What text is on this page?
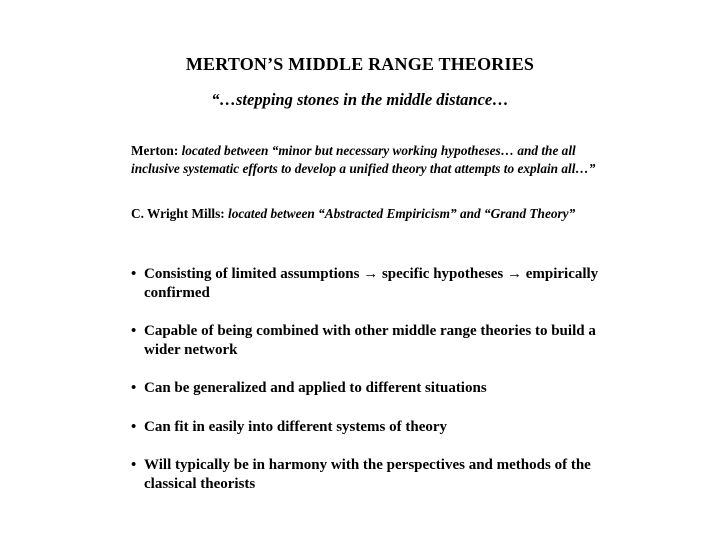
MERTON’S MIDDLE RANGE THEORIES
“…stepping stones in the middle distance…
Merton: located between “minor but necessary working hypotheses… and the all inclusive systematic efforts to develop a unified theory that attempts to explain all…”
C. Wright Mills: located between “Abstracted Empiricism” and “Grand Theory”
• Consisting of limited assumptions → specific hypotheses → empirically confirmed
• Capable of being combined with other middle range theories to build a wider network
• Can be generalized and applied to different situations
• Can fit in easily into different systems of theory
• Will typically be in harmony with the perspectives and methods of the classical theorists
